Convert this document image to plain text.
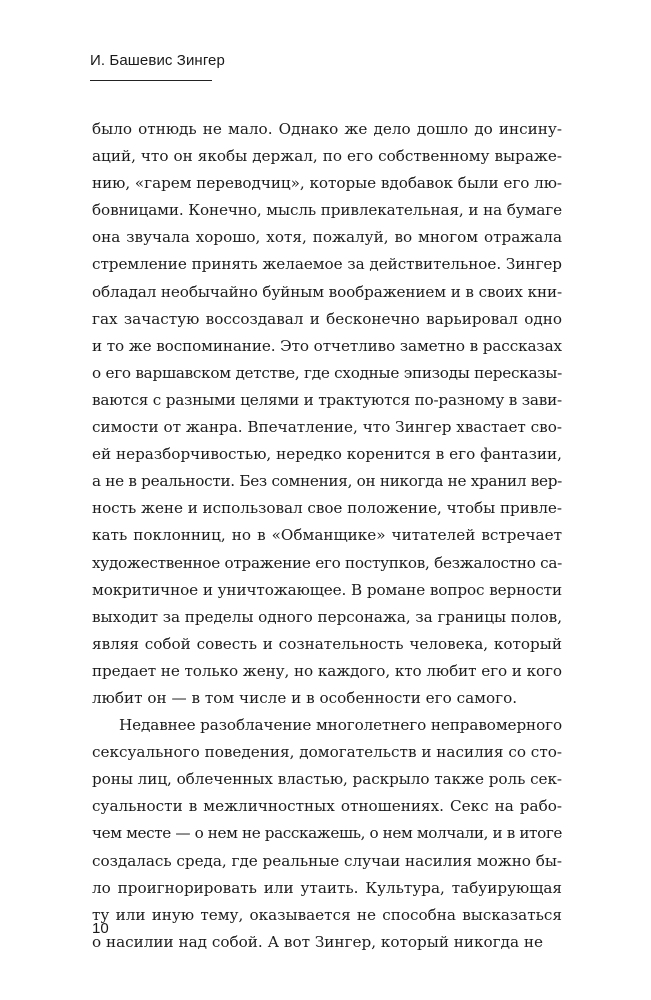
И. Башевис Зингер
было отнюдь не мало. Однако же дело дошло до инсину-
аций, что он якобы держал, по его собственному выраже-
нию, «гарем переводчиц», которые вдобавок были его лю-
бовницами. Конечно, мысль привлекательная, и на бумаге
она звучала хорошо, хотя, пожалуй, во многом отражала
стремление принять желаемое за действительное. Зингер
обладал необычайно буйным воображением и в своих кни-
гах зачастую воссоздавал и бесконечно варьировал одно
и то же воспоминание. Это отчетливо заметно в рассказах
о его варшавском детстве, где сходные эпизоды пересказы-
ваются с разными целями и трактуются по-разному в зави-
симости от жанра. Впечатление, что Зингер хвастает сво-
ей неразборчивостью, нередко коренится в его фантазии,
а не в реальности. Без сомнения, он никогда не хранил вер-
ность жене и использовал свое положение, чтобы привле-
кать поклонниц, но в «Обманщике» читателей встречает
художественное отражение его поступков, безжалостно са-
мокритичное и уничтожающее. В романе вопрос верности
выходит за пределы одного персонажа, за границы полов,
являя собой совесть и сознательность человека, который
предает не только жену, но каждого, кто любит его и кого
любит он — в том числе и в особенности его самого.
Недавнее разоблачение многолетнего неправомерного
сексуального поведения, домогательств и насилия со сто-
роны лиц, облеченных властью, раскрыло также роль сек-
суальности в межличностных отношениях. Секс на рабо-
чем месте — о нем не расскажешь, о нем молчали, и в итоге
создалась среда, где реальные случаи насилия можно бы-
ло проигнорировать или утаить. Культура, табуирующая
ту или иную тему, оказывается не способна высказаться
о насилии над собой. А вот Зингер, который никогда не
10
